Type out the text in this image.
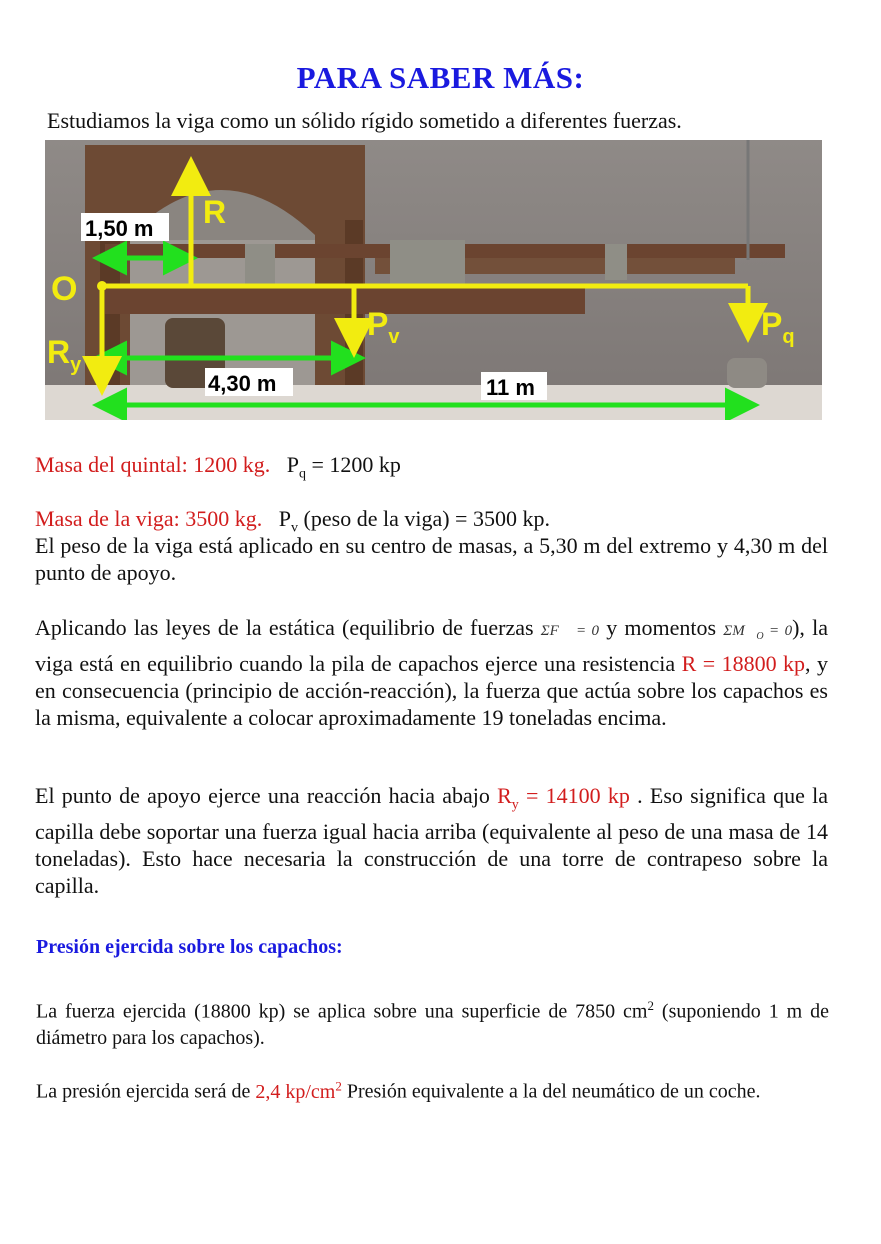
PARA SABER MÁS:
Estudiamos la viga como un sólido rígido sometido a diferentes fuerzas.
O
R
$R_y$
$P_v$	$P_q$
1,50 m
4,30 m	11 m
Masa del quintal: 1200 kg. $P_q = 1200$ kp
Masa de la viga: 3500 kg. $P_v$ (peso de la viga) = 3500 kp.
El peso de la viga está aplicado en su centro de masas, a 5,30 m del extremo y 4,30 m del punto de apoyo.
Aplicando las leyes de la estática (equilibrio de fuerzas ΣF⃗ = 0 y momentos $\Sigma M⃗_O = 0$), la viga está en equilibrio cuando la pila de capachos ejerce una resistencia R = 18800 kp, y en consecuencia (principio de acción-reacción), la fuerza que actúa sobre los capachos es la misma, equivalente a colocar aproximadamente 19 toneladas encima.
El punto de apoyo ejerce una reacción hacia abajo $R_y = 14100$ kp . Eso significa que la capilla debe soportar una fuerza igual hacia arriba (equivalente al peso de una masa de 14 toneladas). Esto hace necesaria la construcción de una torre de contrapeso sobre la capilla.
Presión ejercida sobre los capachos:
La fuerza ejercida (18800 kp) se aplica sobre una superficie de 7850 $cm^2$ (suponiendo 1 m de diámetro para los capachos).
La presión ejercida será de 2,4 $kp/cm^2$ Presión equivalente a la del neumático de un coche.
